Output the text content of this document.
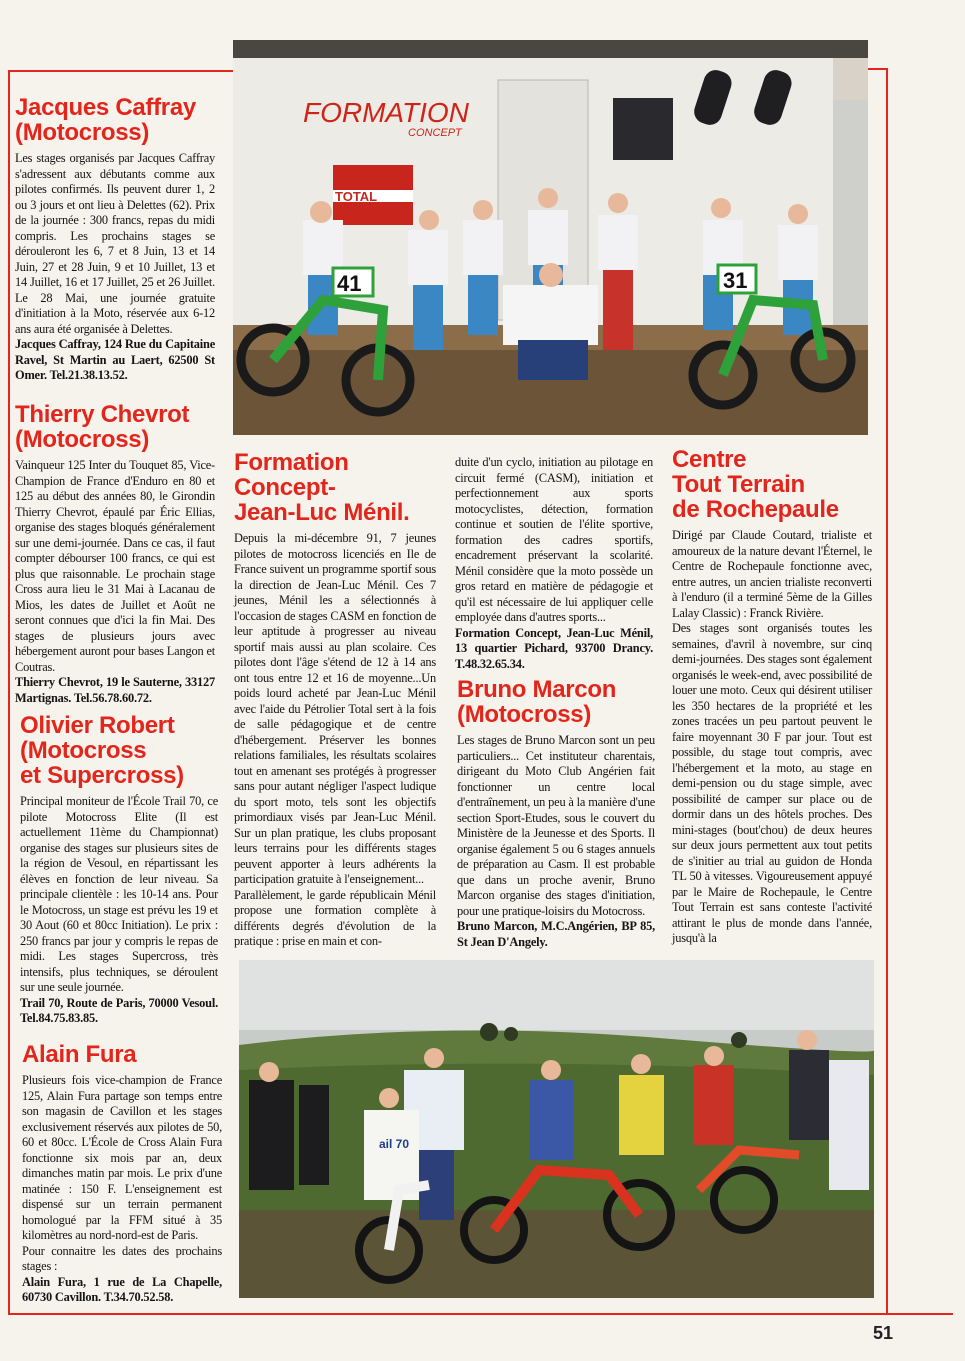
FORMATION
CONCEPT
TOTAL
41	31
Jacques Caffray
(Motocross)

Les stages organisés par Jacques Caffray s'adressent aux débutants comme aux pilotes confirmés. Ils peuvent durer 1, 2 ou 3 jours et ont lieu à Delettes (62). Prix de la journée : 300 francs, repas du midi compris. Les prochains stages se dérouleront les 6, 7 et 8 Juin, 13 et 14 Juin, 27 et 28 Juin, 9 et 10 Juillet, 13 et 14 Juillet, 16 et 17 Juillet, 25 et 26 Juillet. Le 28 Mai, une journée gratuite d'initiation à la Moto, réservée aux 6-12 ans aura été organisée à Delettes.

Jacques Caffray, 124 Rue du Capitaine Ravel, St Martin au Laert, 62500 St Omer. Tel.21.38.13.52.

Thierry Chevrot
(Motocross)

Vainqueur 125 Inter du Touquet 85, Vice-Champion de France d'Enduro en 80 et 125 au début des années 80, le Girondin Thierry Chevrot, épaulé par Éric Ellias, organise des stages bloqués généralement sur une demi-journée. Dans ce cas, il faut compter débourser 100 francs, ce qui est plus que raisonnable. Le prochain stage Cross aura lieu le 31 Mai à Lacanau de Mios, les dates de Juillet et Août ne seront connues que d'ici la fin Mai. Des stages de plusieurs jours avec hébergement auront pour bases Langon et Coutras.

Thierry Chevrot, 19 le Sauterne, 33127 Martignas. Tel.56.78.60.72.

Olivier Robert
(Motocross
et Supercross)

Principal moniteur de l'École Trail 70, ce pilote Motocross Elite (Il est actuellement 11ème du Championnat) organise des stages sur plusieurs sites de la région de Vesoul, en répartissant les élèves en fonction de leur niveau. Sa principale clientèle : les 10-14 ans. Pour le Motocross, un stage est prévu les 19 et 30 Aout (60 et 80cc Initiation). Le prix : 250 francs par jour y compris le repas de midi. Les stages Supercross, très intensifs, plus techniques, se déroulent sur une seule journée.

Trail 70, Route de Paris, 70000 Vesoul. Tel.84.75.83.85.

Alain Fura

Plusieurs fois vice-champion de France 125, Alain Fura partage son temps entre son magasin de Cavillon et les stages exclusivement réservés aux pilotes de 50, 60 et 80cc. L'École de Cross Alain Fura fonctionne six mois par an, deux dimanches matin par mois. Le prix d'une matinée : 150 F. L'enseignement est dispensé sur un terrain permanent homologué par la FFM situé à 35 kilomètres au nord-nord-est de Paris.

Pour connaitre les dates des prochains stages :

Alain Fura, 1 rue de La Chapelle, 60730 Cavillon. T.34.70.52.58.

Formation
Concept-
Jean-Luc Ménil.

Depuis la mi-décembre 91, 7 jeunes pilotes de motocross licenciés en Ile de France suivent un programme sportif sous la direction de Jean-Luc Ménil. Ces 7 jeunes, Ménil les a sélectionnés à l'occasion de stages CASM en fonction de leur aptitude à progresser au niveau sportif mais aussi au plan scolaire. Ces pilotes dont l'âge s'étend de 12 à 14 ans ont tous entre 12 et 16 de moyenne...Un poids lourd acheté par Jean-Luc Ménil avec l'aide du Pétrolier Total sert à la fois de salle pédagogique et de centre d'hébergement. Préserver les bonnes relations familiales, les résultats scolaires tout en amenant ses protégés à progresser sans pour autant négliger l'aspect ludique du sport moto, tels sont les objectifs primordiaux visés par Jean-Luc Ménil. Sur un plan pratique, les clubs proposant leurs terrains pour les différents stages peuvent apporter à leurs adhérents la participation gratuite à l'enseignement...

Parallèlement, le garde républicain Ménil propose une formation complète à différents degrés d'évolution de la pratique : prise en main et con-

duite d'un cyclo, initiation au pilotage en circuit fermé (CASM), initiation et perfectionnement aux sports motocyclistes, détection, formation continue et soutien de l'élite sportive, formation des cadres sportifs, encadrement préservant la scolarité. Ménil considère que la moto possède un gros retard en matière de pédagogie et qu'il est nécessaire de lui appliquer celle employée dans d'autres sports...

Formation Concept, Jean-Luc Ménil, 13 quartier Pichard, 93700 Drancy. T.48.32.65.34.

Bruno Marcon
(Motocross)

Les stages de Bruno Marcon sont un peu particuliers... Cet instituteur charentais, dirigeant du Moto Club Angérien fait fonctionner un centre local d'entraînement, un peu à la manière d'une section Sport-Etudes, sous le couvert du Ministère de la Jeunesse et des Sports. Il organise également 5 ou 6 stages annuels de préparation au Casm. Il est probable que dans un proche avenir, Bruno Marcon organise des stages d'initiation, pour une pratique-loisirs du Motocross.

Bruno Marcon, M.C.Angérien, BP 85, St Jean D'Angely.

Centre
Tout Terrain
de Rochepaule

Dirigé par Claude Coutard, trialiste et amoureux de la nature devant l'Éternel, le Centre de Rochepaule fonctionne avec, entre autres, un ancien trialiste reconverti à l'enduro (il a terminé 5ème de la Gilles Lalay Classic) : Franck Rivière.

Des stages sont organisés toutes les semaines, d'avril à novembre, sur cinq demi-journées. Des stages sont également organisés le week-end, avec possibilité de louer une moto. Ceux qui désirent utiliser les 350 hectares de la propriété et les zones tracées un peu partout peuvent le faire moyennant 30 F par jour. Tout est possible, du stage tout compris, avec l'hébergement et la moto, au stage en demi-pension ou du stage simple, avec possibilité de camper sur place ou de dormir dans un des hôtels proches. Des mini-stages (bout'chou) de deux heures sur deux jours permettent aux tout petits de s'initier au trial au guidon de Honda TL 50 à vitesses. Vigoureusement appuyé par le Maire de Rochepaule, le Centre Tout Terrain est sans conteste l'activité attirant le plus de monde dans l'année, jusqu'à la

ail 70
51
